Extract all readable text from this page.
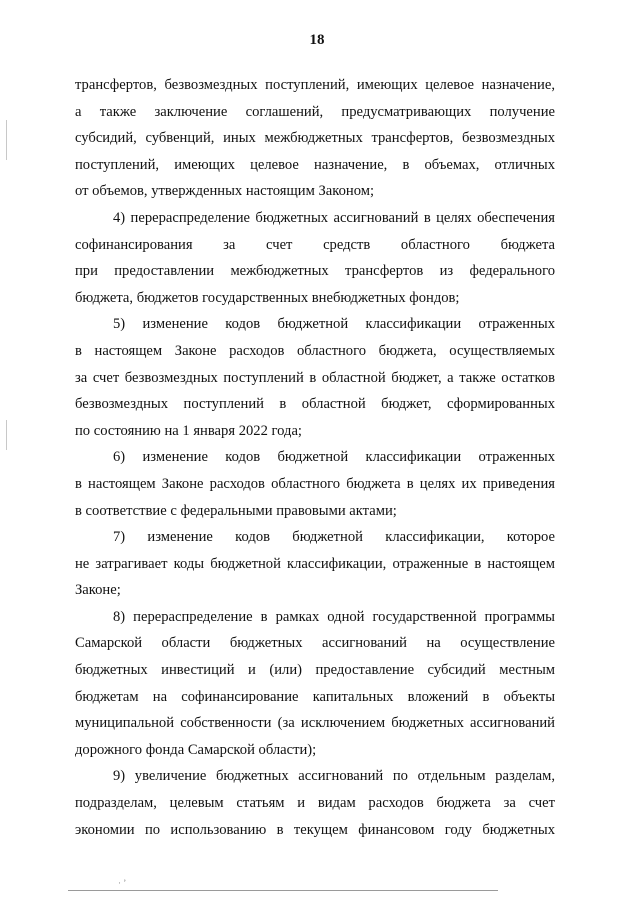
18
трансфертов, безвозмездных поступлений, имеющих целевое назначение,
а также заключение соглашений, предусматривающих получение
субсидий, субвенций, иных межбюджетных трансфертов, безвозмездных
поступлений, имеющих целевое назначение, в объемах, отличных
от объемов, утвержденных настоящим Законом;
4) перераспределение бюджетных ассигнований в целях обеспечения
софинансирования за счет средств областного бюджета
при предоставлении межбюджетных трансфертов из федерального
бюджета, бюджетов государственных внебюджетных фондов;
5) изменение кодов бюджетной классификации отраженных
в настоящем Законе расходов областного бюджета, осуществляемых
за счет безвозмездных поступлений в областной бюджет, а также остатков
безвозмездных поступлений в областной бюджет, сформированных
по состоянию на 1 января 2022 года;
6) изменение кодов бюджетной классификации отраженных
в настоящем Законе расходов областного бюджета в целях их приведения
в соответствие с федеральными правовыми актами;
7) изменение кодов бюджетной классификации, которое
не затрагивает коды бюджетной классификации, отраженные в настоящем
Законе;
8) перераспределение в рамках одной государственной программы
Самарской области бюджетных ассигнований на осуществление
бюджетных инвестиций и (или) предоставление субсидий местным
бюджетам на софинансирование капитальных вложений в объекты
муниципальной собственности (за исключением бюджетных ассигнований
дорожного фонда Самарской области);
9) увеличение бюджетных ассигнований по отдельным разделам,
подразделам, целевым статьям и видам расходов бюджета за счет
экономии по использованию в текущем финансовом году бюджетных
· ’
